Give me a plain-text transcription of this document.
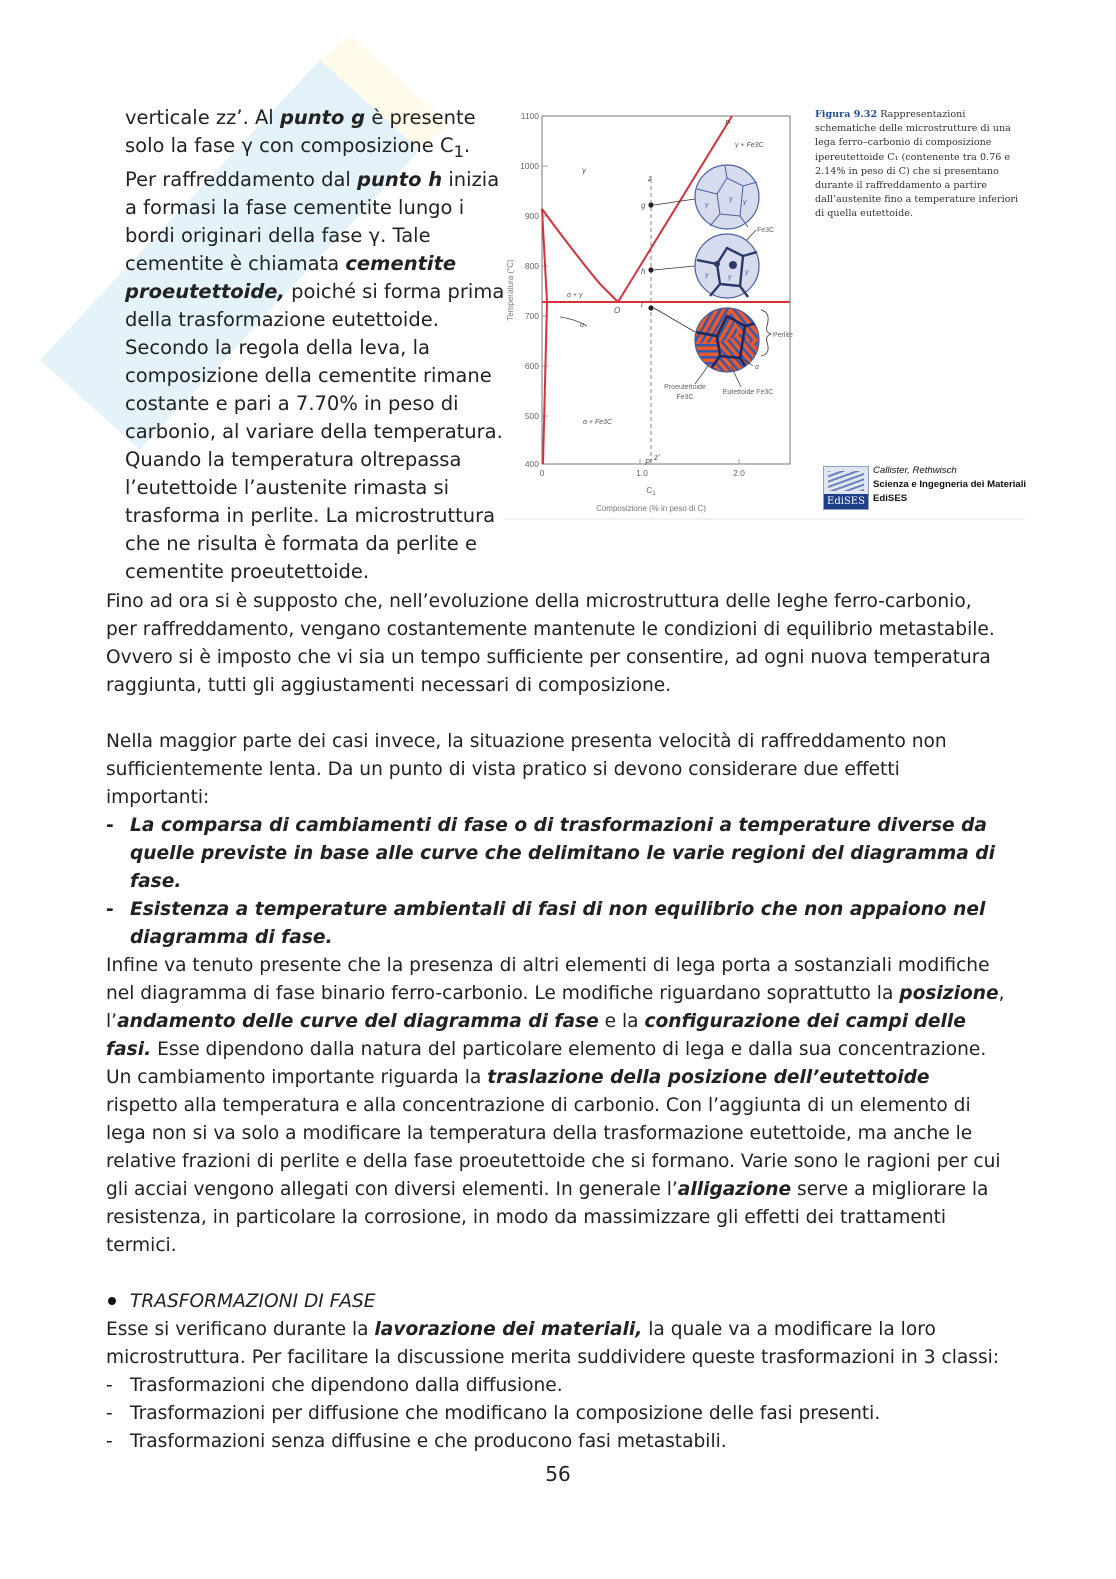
verticale zz’. Al punto g è presente solo la fase γ con composizione $C_1$. Per raffreddamento dal punto h inizia a formasi la fase cementite lungo i bordi originari della fase γ. Tale cementite è chiamata cementite proeutettoide, poiché si forma prima della trasformazione eutettoide. Secondo la regola della leva, la composizione della cementite rimane costante e pari a 7.70% in peso di carbonio, al variare della temperatura. Quando la temperatura oltrepassa l’eutettoide l’austenite rimasta si trasforma in perlite. La microstruttura che ne risulta è formata da perlite e cementite proeutettoide.

1100
1000
900
800
700
600
500
400
0	1.0	2.0
$C_1$
Composizione (% in peso di C)
Temperatura (°C)
γ
γ + Fe3C
α + γ
α + Fe3C
α
z
z'
P
P'
O
g
h
i
γ
γ γ
Fe3C
γ	γ
γ
Perlite
α
Proeutettoide
Fe3C
Eutettoide Fe3C
Figura 9.32 Rappresentazioni schematiche delle microstrutture di una lega ferro–carbonio di composizione ipereutettoide C₁ (contenente tra 0.76 e 2.14% in peso di C) che si presentano durante il raffreddamento a partire dall’austenite fino a temperature inferiori di quella eutettoide.
EdiSES
Callister, Rethwisch
Scienza e Ingegneria dei Materiali
EdiSES

Fino ad ora si è supposto che, nell’evoluzione della microstruttura delle leghe ferro-carbonio, per raffreddamento, vengano costantemente mantenute le condizioni di equilibrio metastabile. Ovvero si è imposto che vi sia un tempo sufficiente per consentire, ad ogni nuova temperatura raggiunta, tutti gli aggiustamenti necessari di composizione.

Nella maggior parte dei casi invece, la situazione presenta velocità di raffreddamento non sufficientemente lenta. Da un punto di vista pratico si devono considerare due effetti importanti:

- La comparsa di cambiamenti di fase o di trasformazioni a temperature diverse da quelle previste in base alle curve che delimitano le varie regioni del diagramma di fase.
- Esistenza a temperature ambientali di fasi di non equilibrio che non appaiono nel diagramma di fase.

Infine va tenuto presente che la presenza di altri elementi di lega porta a sostanziali modifiche nel diagramma di fase binario ferro-carbonio. Le modifiche riguardano soprattutto la posizione, l’andamento delle curve del diagramma di fase e la configurazione dei campi delle fasi. Esse dipendono dalla natura del particolare elemento di lega e dalla sua concentrazione. Un cambiamento importante riguarda la traslazione della posizione dell’eutettoide rispetto alla temperatura e alla concentrazione di carbonio. Con l’aggiunta di un elemento di lega non si va solo a modificare la temperatura della trasformazione eutettoide, ma anche le relative frazioni di perlite e della fase proeutettoide che si formano. Varie sono le ragioni per cui gli acciai vengono allegati con diversi elementi. In generale l’alligazione serve a migliorare la resistenza, in particolare la corrosione, in modo da massimizzare gli effetti dei trattamenti termici.

TRASFORMAZIONI DI FASE

Esse si verificano durante la lavorazione dei materiali, la quale va a modificare la loro microstruttura. Per facilitare la discussione merita suddividere queste trasformazioni in 3 classi:

- Trasformazioni che dipendono dalla diffusione.
- Trasformazioni per diffusione che modificano la composizione delle fasi presenti.
- Trasformazioni senza diffusine e che producono fasi metastabili.
56
